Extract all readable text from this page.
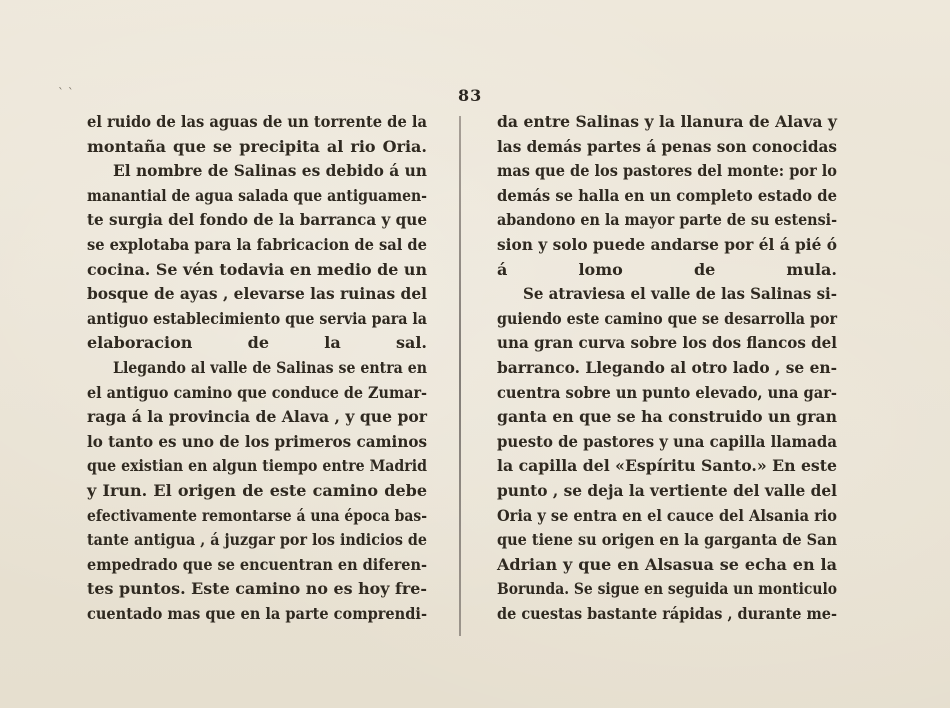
` `	83
el ruido de las aguas de un torrente de la
montaña que se precipita al rio Oria.
El nombre de Salinas es debido á un
manantial de agua salada que antiguamen-
te surgia del fondo de la barranca y que
se explotaba para la fabricacion de sal de
cocina. Se vén todavia en medio de un
bosque de ayas , elevarse las ruinas del
antiguo establecimiento que servia para la
elaboracion de la sal.
Llegando al valle de Salinas se entra en
el antiguo camino que conduce de Zumar-
raga á la provincia de Alava , y que por
lo tanto es uno de los primeros caminos
que existian en algun tiempo entre Madrid
y Irun. El origen de este camino debe
efectivamente remontarse á una época bas-
tante antigua , á juzgar por los indicios de
empedrado que se encuentran en diferen-
tes puntos. Este camino no es hoy fre-
cuentado mas que en la parte comprendi-
da entre Salinas y la llanura de Alava y
las demás partes á penas son conocidas
mas que de los pastores del monte: por lo
demás se halla en un completo estado de
abandono en la mayor parte de su estensi-
sion y solo puede andarse por él á pié ó
á lomo de mula.
Se atraviesa el valle de las Salinas si-
guiendo este camino que se desarrolla por
una gran curva sobre los dos flancos del
barranco. Llegando al otro lado , se en-
cuentra sobre un punto elevado, una gar-
ganta en que se ha construido un gran
puesto de pastores y una capilla llamada
la capilla del «Espíritu Santo.» En este
punto , se deja la vertiente del valle del
Oria y se entra en el cauce del Alsania rio
que tiene su origen en la garganta de San
Adrian y que en Alsasua se echa en la
Borunda. Se sigue en seguida un monticulo
de cuestas bastante rápidas , durante me-
